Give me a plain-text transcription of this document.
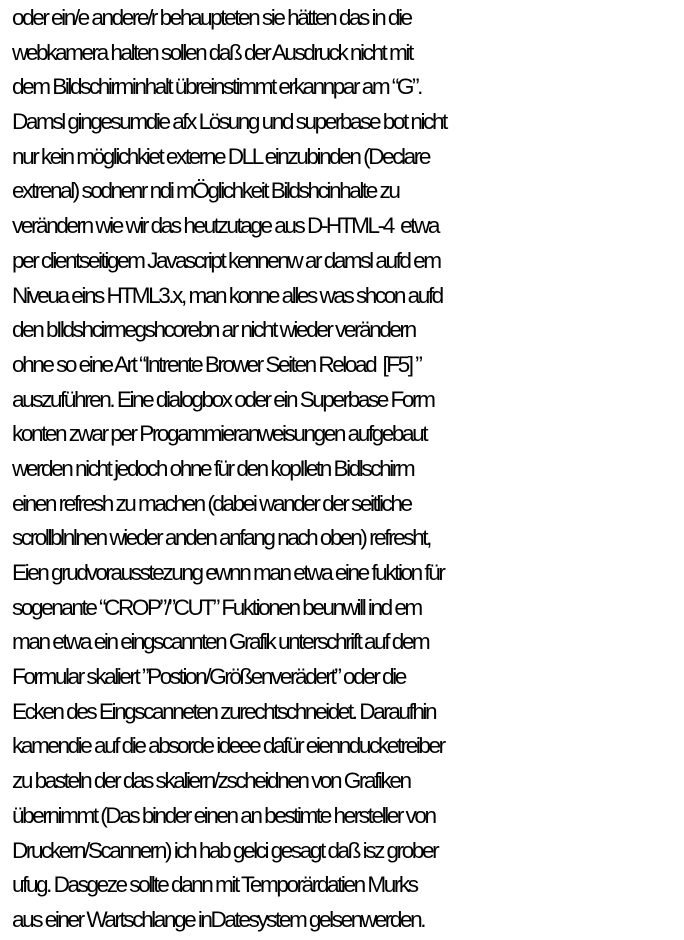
oder ein/e andere/r behaupteten sie hätten das in die
webkamera halten sollen daß der Ausdruck nicht mit
dem Bildschirminhalt übreinstimmt erkannpar am “G”.
Damsl gingesumdie afx Lösung und superbase bot nicht
nur kein möglichkiet externe DLL einzubinden (Declare
extrenal) sodnenr ndi mÖglichkeit Bildshcinhalte zu
verändern wie wir das heutzutage aus D-HTML-4  etwa
per clientseitigem Javascript kennenw ar damsl aufd em
Niveua eins HTML3.x, man konne alles was shcon aufd
den bIldshcirmegshcorebn ar nicht wieder verändern
ohne so eine Art “Intrente Brower Seiten Reload  [F5] ”
auszuführen. Eine dialogbox oder ein Superbase Form
konten zwar per Progammieranweisungen aufgebaut
werden nicht jedoch ohne für den kopIletn Bidlschirm
einen refresh zu machen (dabei wander der seitliche
scrollblnlnen wieder anden anfang nach oben) refresht,
Eien grudvorausstezung ewnn man etwa eine fuktion für
sogenante “CROP”/”CUT” Fuktionen beunwill ind em
man etwa ein eingscannten Grafik unterschrift auf dem
Formular skaliert ”Postion/Größenverädert” oder die
Ecken des Eingscanneten zurechtschneidet. Daraufhin
kamendie auf die absorde ideee dafür eiennducketreiber
zu basteln der das skaliern/zscheidnen von Grafiken
übernimmt (Das binder einen an bestimte hersteller von
Druckern/Scannern) ich hab gelci gesagt daß isz grober
ufug. Dasgeze sollte dann mit Temporärdatien Murks
aus einer Wartschlange inDatesystem gelsenwerden.
